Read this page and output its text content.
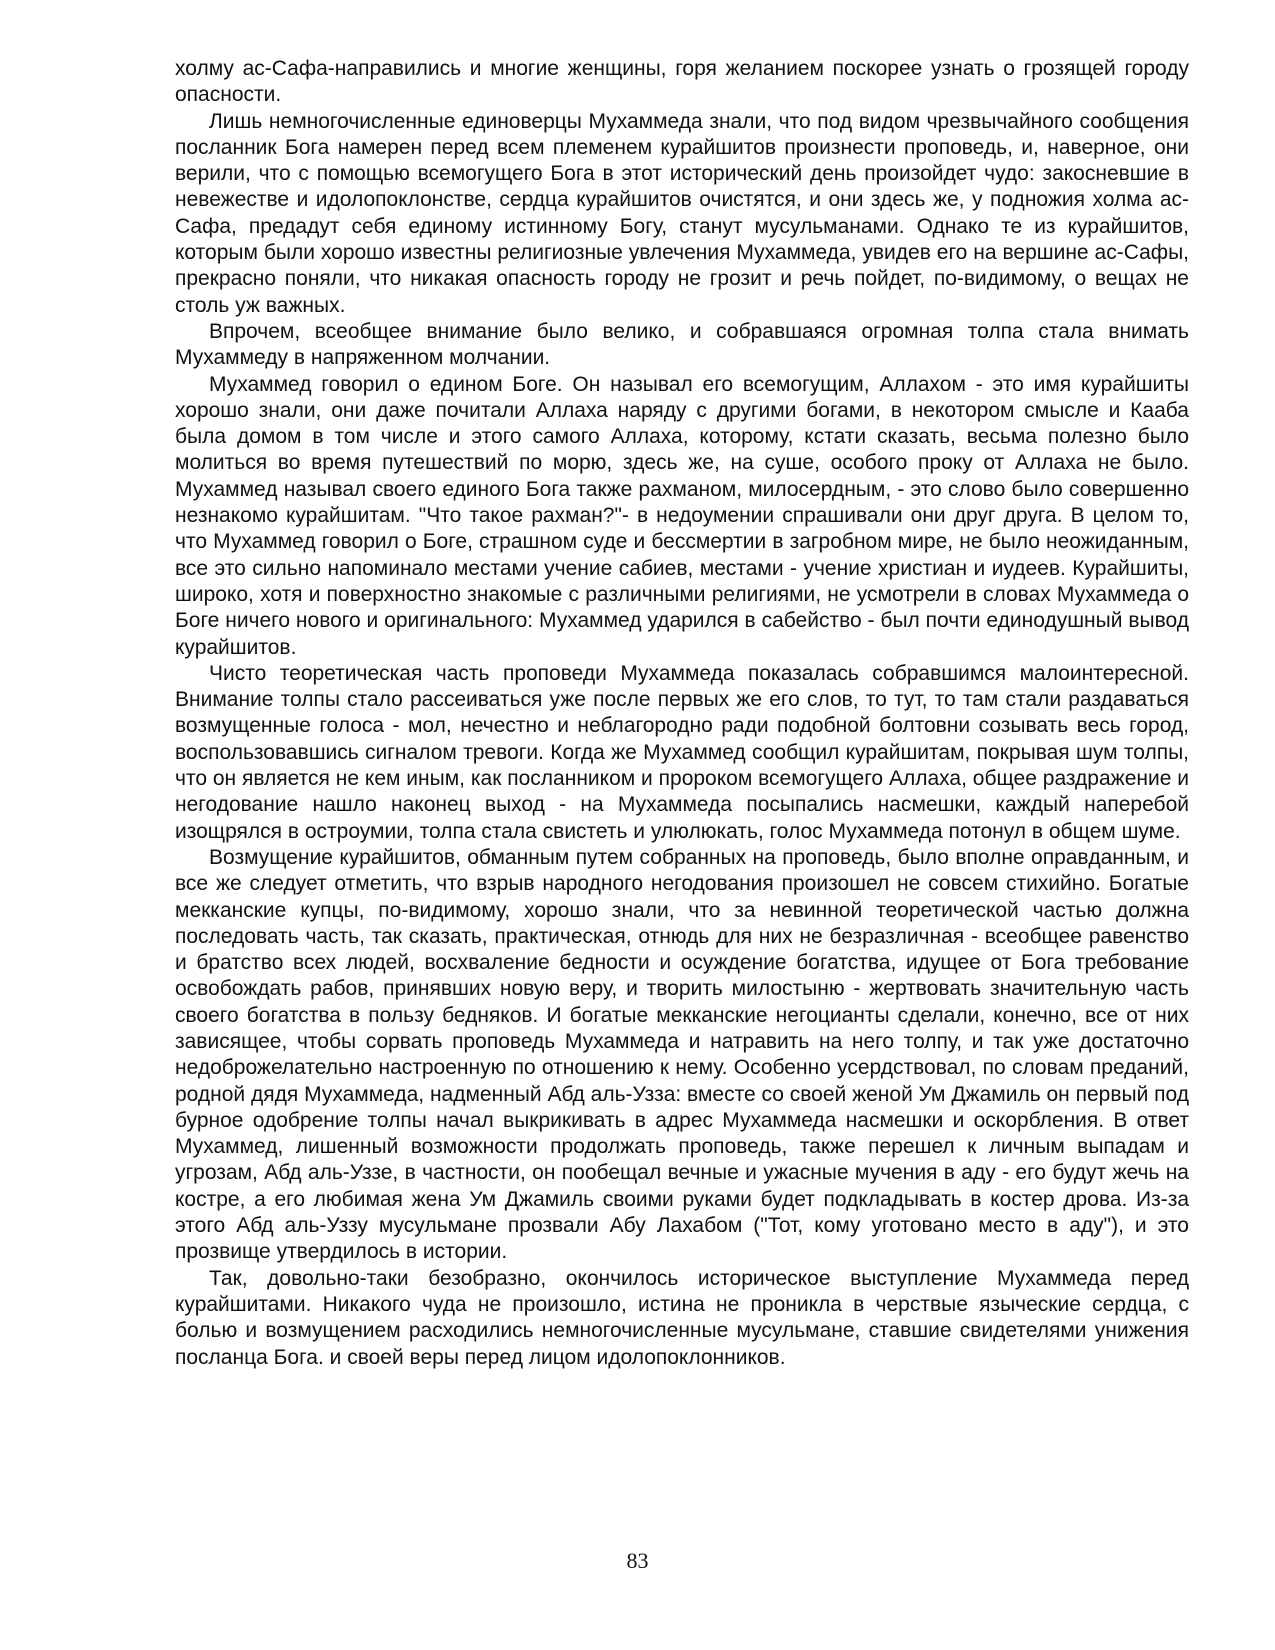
холму ас-Сафа-направились и многие женщины, горя желанием поскорее узнать о грозящей городу опасности.

Лишь немногочисленные единоверцы Мухаммеда знали, что под видом чрезвычайного сообщения посланник Бога намерен перед всем племенем курайшитов произнести проповедь, и, наверное, они верили, что с помощью всемогущего Бога в этот исторический день произойдет чудо: закосневшие в невежестве и идолопоклонстве, сердца курайшитов очистятся, и они здесь же, у подножия холма ас-Сафа, предадут себя единому истинному Богу, станут мусульманами. Однако те из курайшитов, которым были хорошо известны религиозные увлечения Мухаммеда, увидев его на вершине ас-Сафы, прекрасно поняли, что никакая опасность городу не грозит и речь пойдет, по-видимому, о вещах не столь уж важных.

Впрочем, всеобщее внимание было велико, и собравшаяся огромная толпа стала внимать Мухаммеду в напряженном молчании.

Мухаммед говорил о едином Боге. Он называл его всемогущим, Аллахом - это имя курайшиты хорошо знали, они даже почитали Аллаха наряду с другими богами, в некотором смысле и Кааба была домом в том числе и этого самого Аллаха, которому, кстати сказать, весьма полезно было молиться во время путешествий по морю, здесь же, на суше, особого проку от Аллаха не было. Мухаммед называл своего единого Бога также рахманом, милосердным, - это слово было совершенно незнакомо курайшитам. "Что такое рахман?"- в недоумении спрашивали они друг друга. В целом то, что Мухаммед говорил о Боге, страшном суде и бессмертии в загробном мире, не было неожиданным, все это сильно напоминало местами учение сабиев, местами - учение христиан и иудеев. Курайшиты, широко, хотя и поверхностно знакомые с различными религиями, не усмотрели в словах Мухаммеда о Боге ничего нового и оригинального: Мухаммед ударился в сабейство - был почти единодушный вывод курайшитов.

Чисто теоретическая часть проповеди Мухаммеда показалась собравшимся малоинтересной. Внимание толпы стало рассеиваться уже после первых же его слов, то тут, то там стали раздаваться возмущенные голоса - мол, нечестно и неблагородно ради подобной болтовни созывать весь город, воспользовавшись сигналом тревоги. Когда же Мухаммед сообщил курайшитам, покрывая шум толпы, что он является не кем иным, как посланником и пророком всемогущего Аллаха, общее раздражение и негодование нашло наконец выход - на Мухаммеда посыпались насмешки, каждый наперебой изощрялся в остроумии, толпа стала свистеть и улюлюкать, голос Мухаммеда потонул в общем шуме.

Возмущение курайшитов, обманным путем собранных на проповедь, было вполне оправданным, и все же следует отметить, что взрыв народного негодования произошел не совсем стихийно. Богатые мекканские купцы, по-видимому, хорошо знали, что за невинной теоретической частью должна последовать часть, так сказать, практическая, отнюдь для них не безразличная - всеобщее равенство и братство всех людей, восхваление бедности и осуждение богатства, идущее от Бога требование освобождать рабов, принявших новую веру, и творить милостыню - жертвовать значительную часть своего богатства в пользу бедняков. И богатые мекканские негоцианты сделали, конечно, все от них зависящее, чтобы сорвать проповедь Мухаммеда и натравить на него толпу, и так уже достаточно недоброжелательно настроенную по отношению к нему. Особенно усердствовал, по словам преданий, родной дядя Мухаммеда, надменный Абд аль-Узза: вместе со своей женой Ум Джамиль он первый под бурное одобрение толпы начал выкрикивать в адрес Мухаммеда насмешки и оскорбления. В ответ Мухаммед, лишенный возможности продолжать проповедь, также перешел к личным выпадам и угрозам, Абд аль-Уззе, в частности, он пообещал вечные и ужасные мучения в аду - его будут жечь на костре, а его любимая жена Ум Джамиль своими руками будет подкладывать в костер дрова. Из-за этого Абд аль-Уззу мусульмане прозвали Абу Лахабом ("Тот, кому уготовано место в аду"), и это прозвище утвердилось в истории.

Так, довольно-таки безобразно, окончилось историческое выступление Мухаммеда перед курайшитами. Никакого чуда не произошло, истина не проникла в черствые языческие сердца, с болью и возмущением расходились немногочисленные мусульмане, ставшие свидетелями унижения посланца Бога. и своей веры перед лицом идолопоклонников.

83
